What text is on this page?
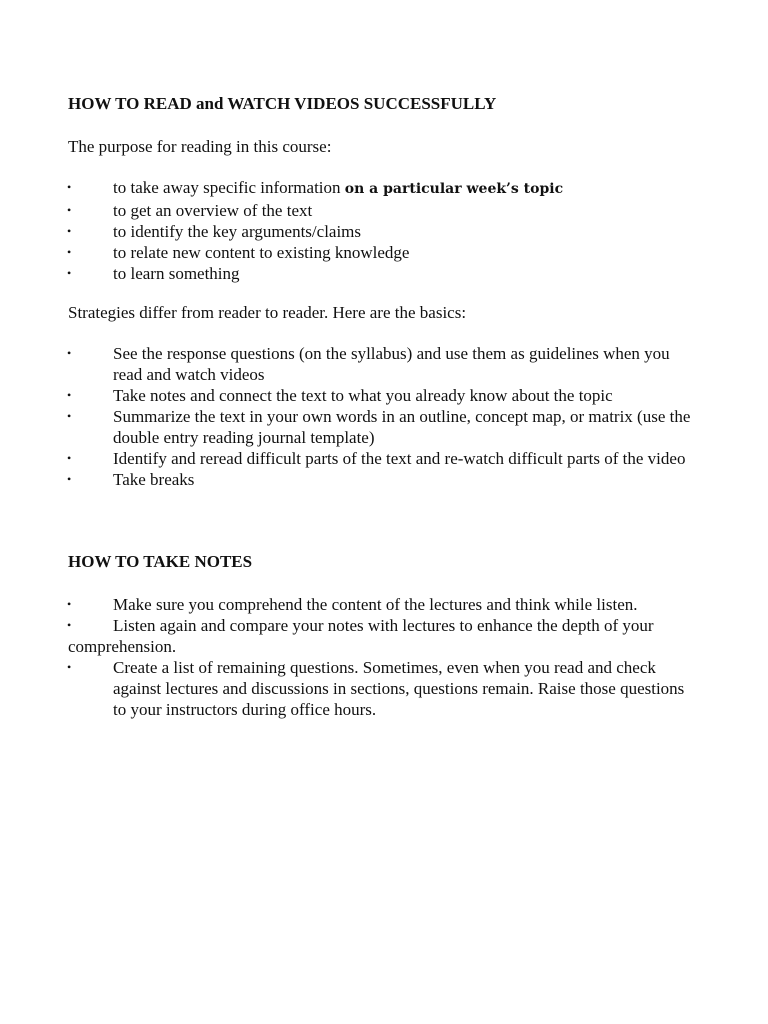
HOW TO READ and WATCH VIDEOS SUCCESSFULLY

The purpose for reading in this course:

• to take away specific information on a particular week’s topic
• to get an overview of the text
• to identify the key arguments/claims
• to relate new content to existing knowledge
• to learn something

Strategies differ from reader to reader. Here are the basics:

• See the response questions (on the syllabus) and use them as guidelines when you read and watch videos
• Take notes and connect the text to what you already know about the topic
• Summarize the text in your own words in an outline, concept map, or matrix (use the double entry reading journal template)
• Identify and reread difficult parts of the text and re-watch difficult parts of the video
• Take breaks
HOW TO TAKE NOTES
• Make sure you comprehend the content of the lectures and think while listen.
•	Listen again and compare your notes with lectures to enhance the depth of your comprehension.
• Create a list of remaining questions. Sometimes, even when you read and check against lectures and discussions in sections, questions remain. Raise those questions to your instructors during office hours.
